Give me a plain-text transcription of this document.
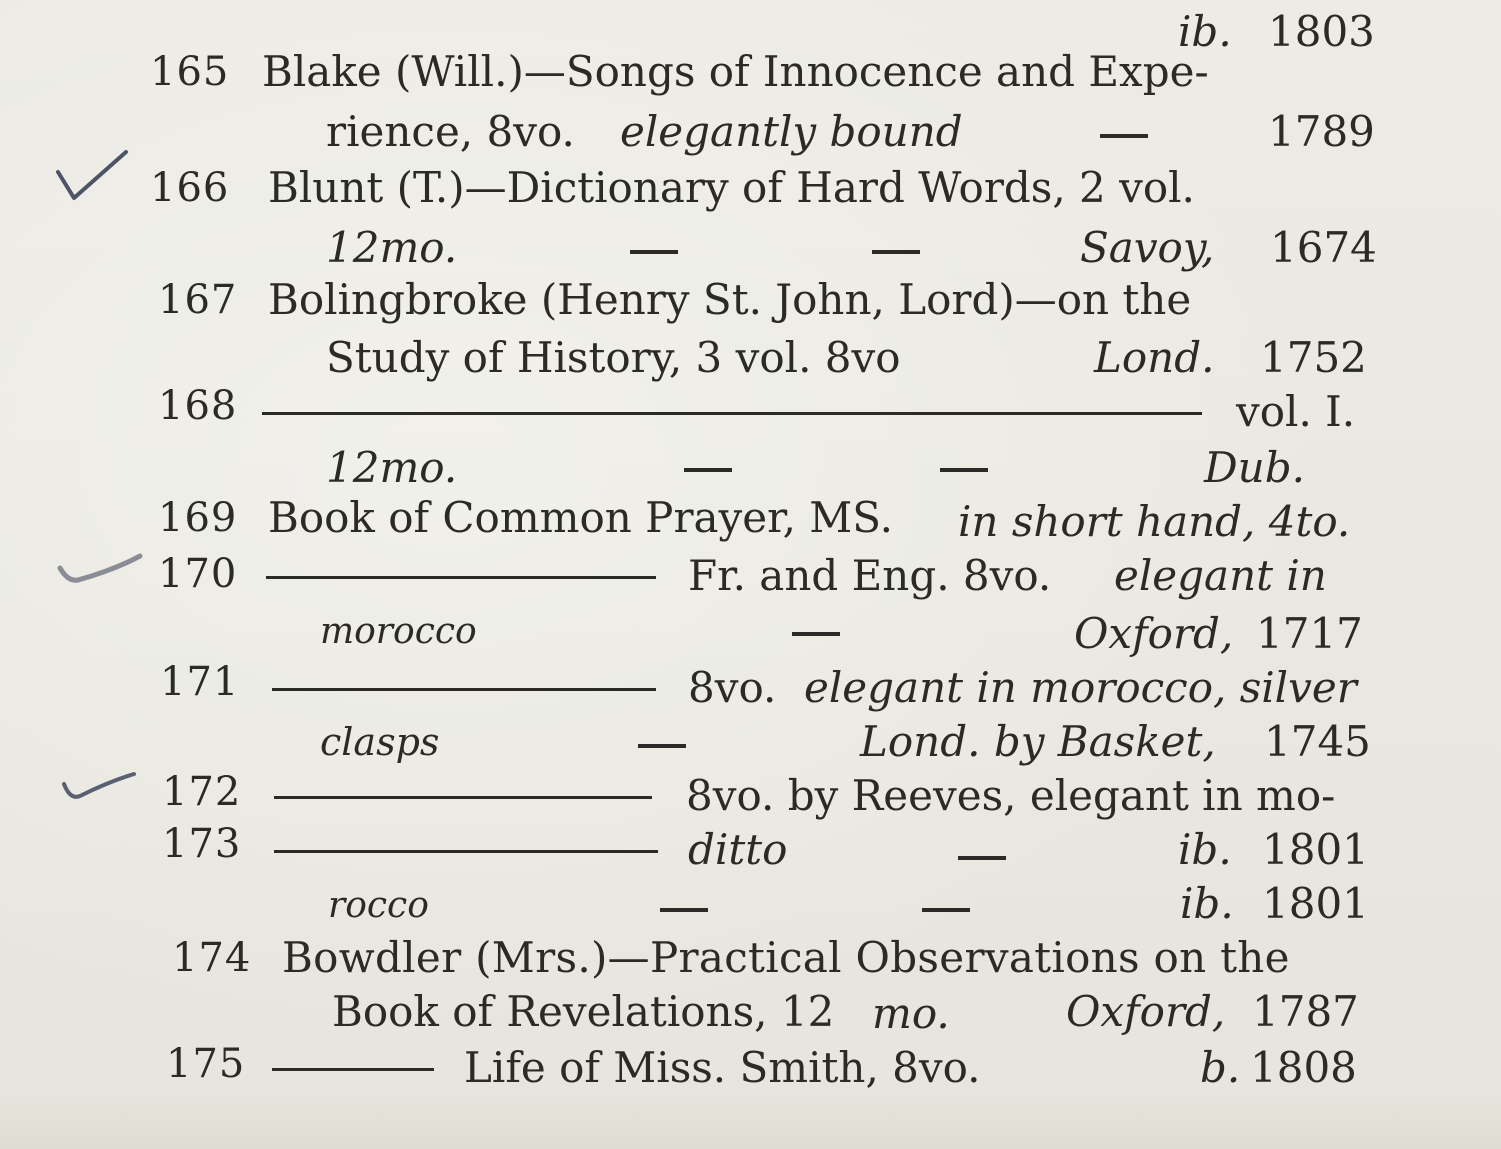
ib. 1803
165 Blake (Will.)—Songs of Innocence and Expe-
rience, 8vo. elegantly bound	1789
166 Blunt (T.)—Dictionary of Hard Words, 2 vol.
12mo.	Savoy, 1674
167 Bolingbroke (Henry St. John, Lord)—on the
Study of History, 3 vol. 8vo	Lond. 1752
168	vol. I.
12mo.	Dub.
169 Book of Common Prayer, MS. in short hand, 4to.
170	Fr. and Eng. 8vo. elegant in
morocco	Oxford, 1717
171	8vo. elegant in morocco, silver
clasps	Lond. by Basket, 1745
172	8vo. by Reeves, elegant in mo-
173	ditto	ib. 1801
rocco	ib. 1801
174 Bowdler (Mrs.)—Practical Observations on the
Book of Revelations, 12 mo.	Oxford, 1787
175	Life of Miss. Smith, 8vo.	b. 1808
